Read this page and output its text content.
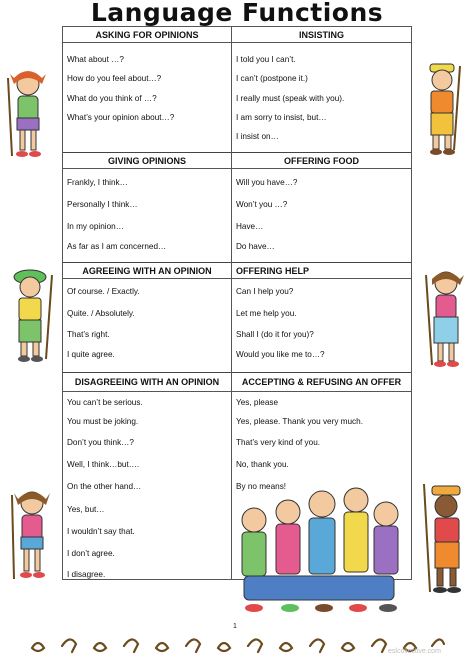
Language Functions
ASKING FOR OPINIONS
What about …?
How do you feel about…?
What do you think of …?
What’s your opinion about…?
GIVING OPINIONS
Frankly, I think…
Personally I think…
In my opinion…
As far as I am concerned…
AGREEING WITH AN OPINION
Of course. / Exactly.
Quite. / Absolutely.
That’s right.
I quite agree.
DISAGREEING WITH AN OPINION
You can’t be serious.
You must be joking.
Don’t you think…?
Well, I think…but….
On the other hand…
Yes, but…
I wouldn’t say that.
I don’t agree.
I disagree.
INSISTING
I told you I can’t.
I can’t (postpone it.)
I really must (speak with you).
I am sorry to insist, but…
I insist on…
OFFERING FOOD
Will you have…?
Won’t you …?
Have…
Do have…
OFFERING HELP
Can I help you?
Let me help you.
Shall I (do it for you)?
Would you like me to…?
ACCEPTING & REFUSING AN OFFER
Yes, please
Yes, please. Thank you very much.
That’s very kind of you.
No, thank you.
By no means!
1
eslcollective.com
